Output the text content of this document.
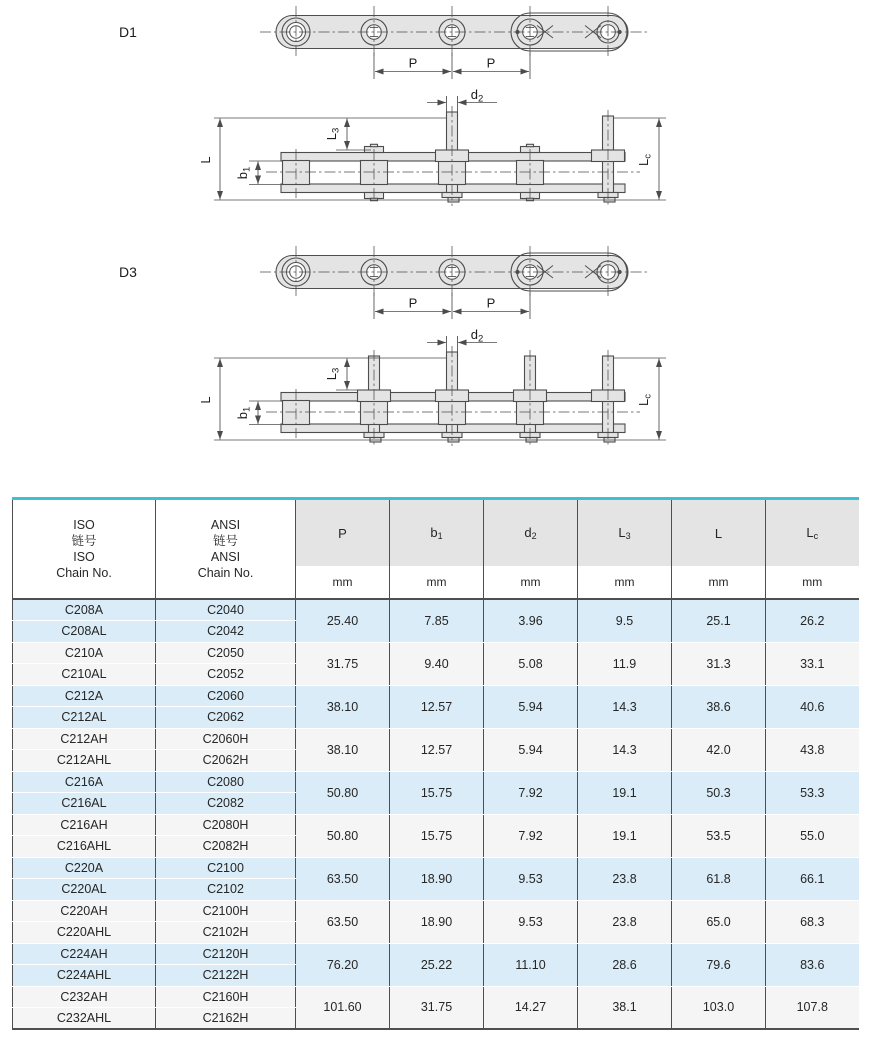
D1
P	P
L
b1
L3
d2
Lc
D3
P	P
L
b1
L3
d2
Lc
ISO
链号
ISO
Chain No.

ANSI
链号
ANSI
Chain No.
	P	b1	d2	L3	L	Lc
		mm	mm	mm	mm	mm	mm
C208A	C2040	25.40	7.85	3.96	9.5	25.1	26.2
C208AL	C2042						
C210A	C2050	31.75	9.40	5.08	11.9	31.3	33.1
C210AL	C2052						
C212A	C2060	38.10	12.57	5.94	14.3	38.6	40.6
C212AL	C2062						
C212AH	C2060H	38.10	12.57	5.94	14.3	42.0	43.8
C212AHL	C2062H						
C216A	C2080	50.80	15.75	7.92	19.1	50.3	53.3
C216AL	C2082						
C216AH	C2080H	50.80	15.75	7.92	19.1	53.5	55.0
C216AHL	C2082H						
C220A	C2100	63.50	18.90	9.53	23.8	61.8	66.1
C220AL	C2102						
C220AH	C2100H	63.50	18.90	9.53	23.8	65.0	68.3
C220AHL	C2102H						
C224AH	C2120H	76.20	25.22	11.10	28.6	79.6	83.6
C224AHL	C2122H						
C232AH	C2160H	101.60	31.75	14.27	38.1	103.0	107.8
C232AHL	C2162H						
